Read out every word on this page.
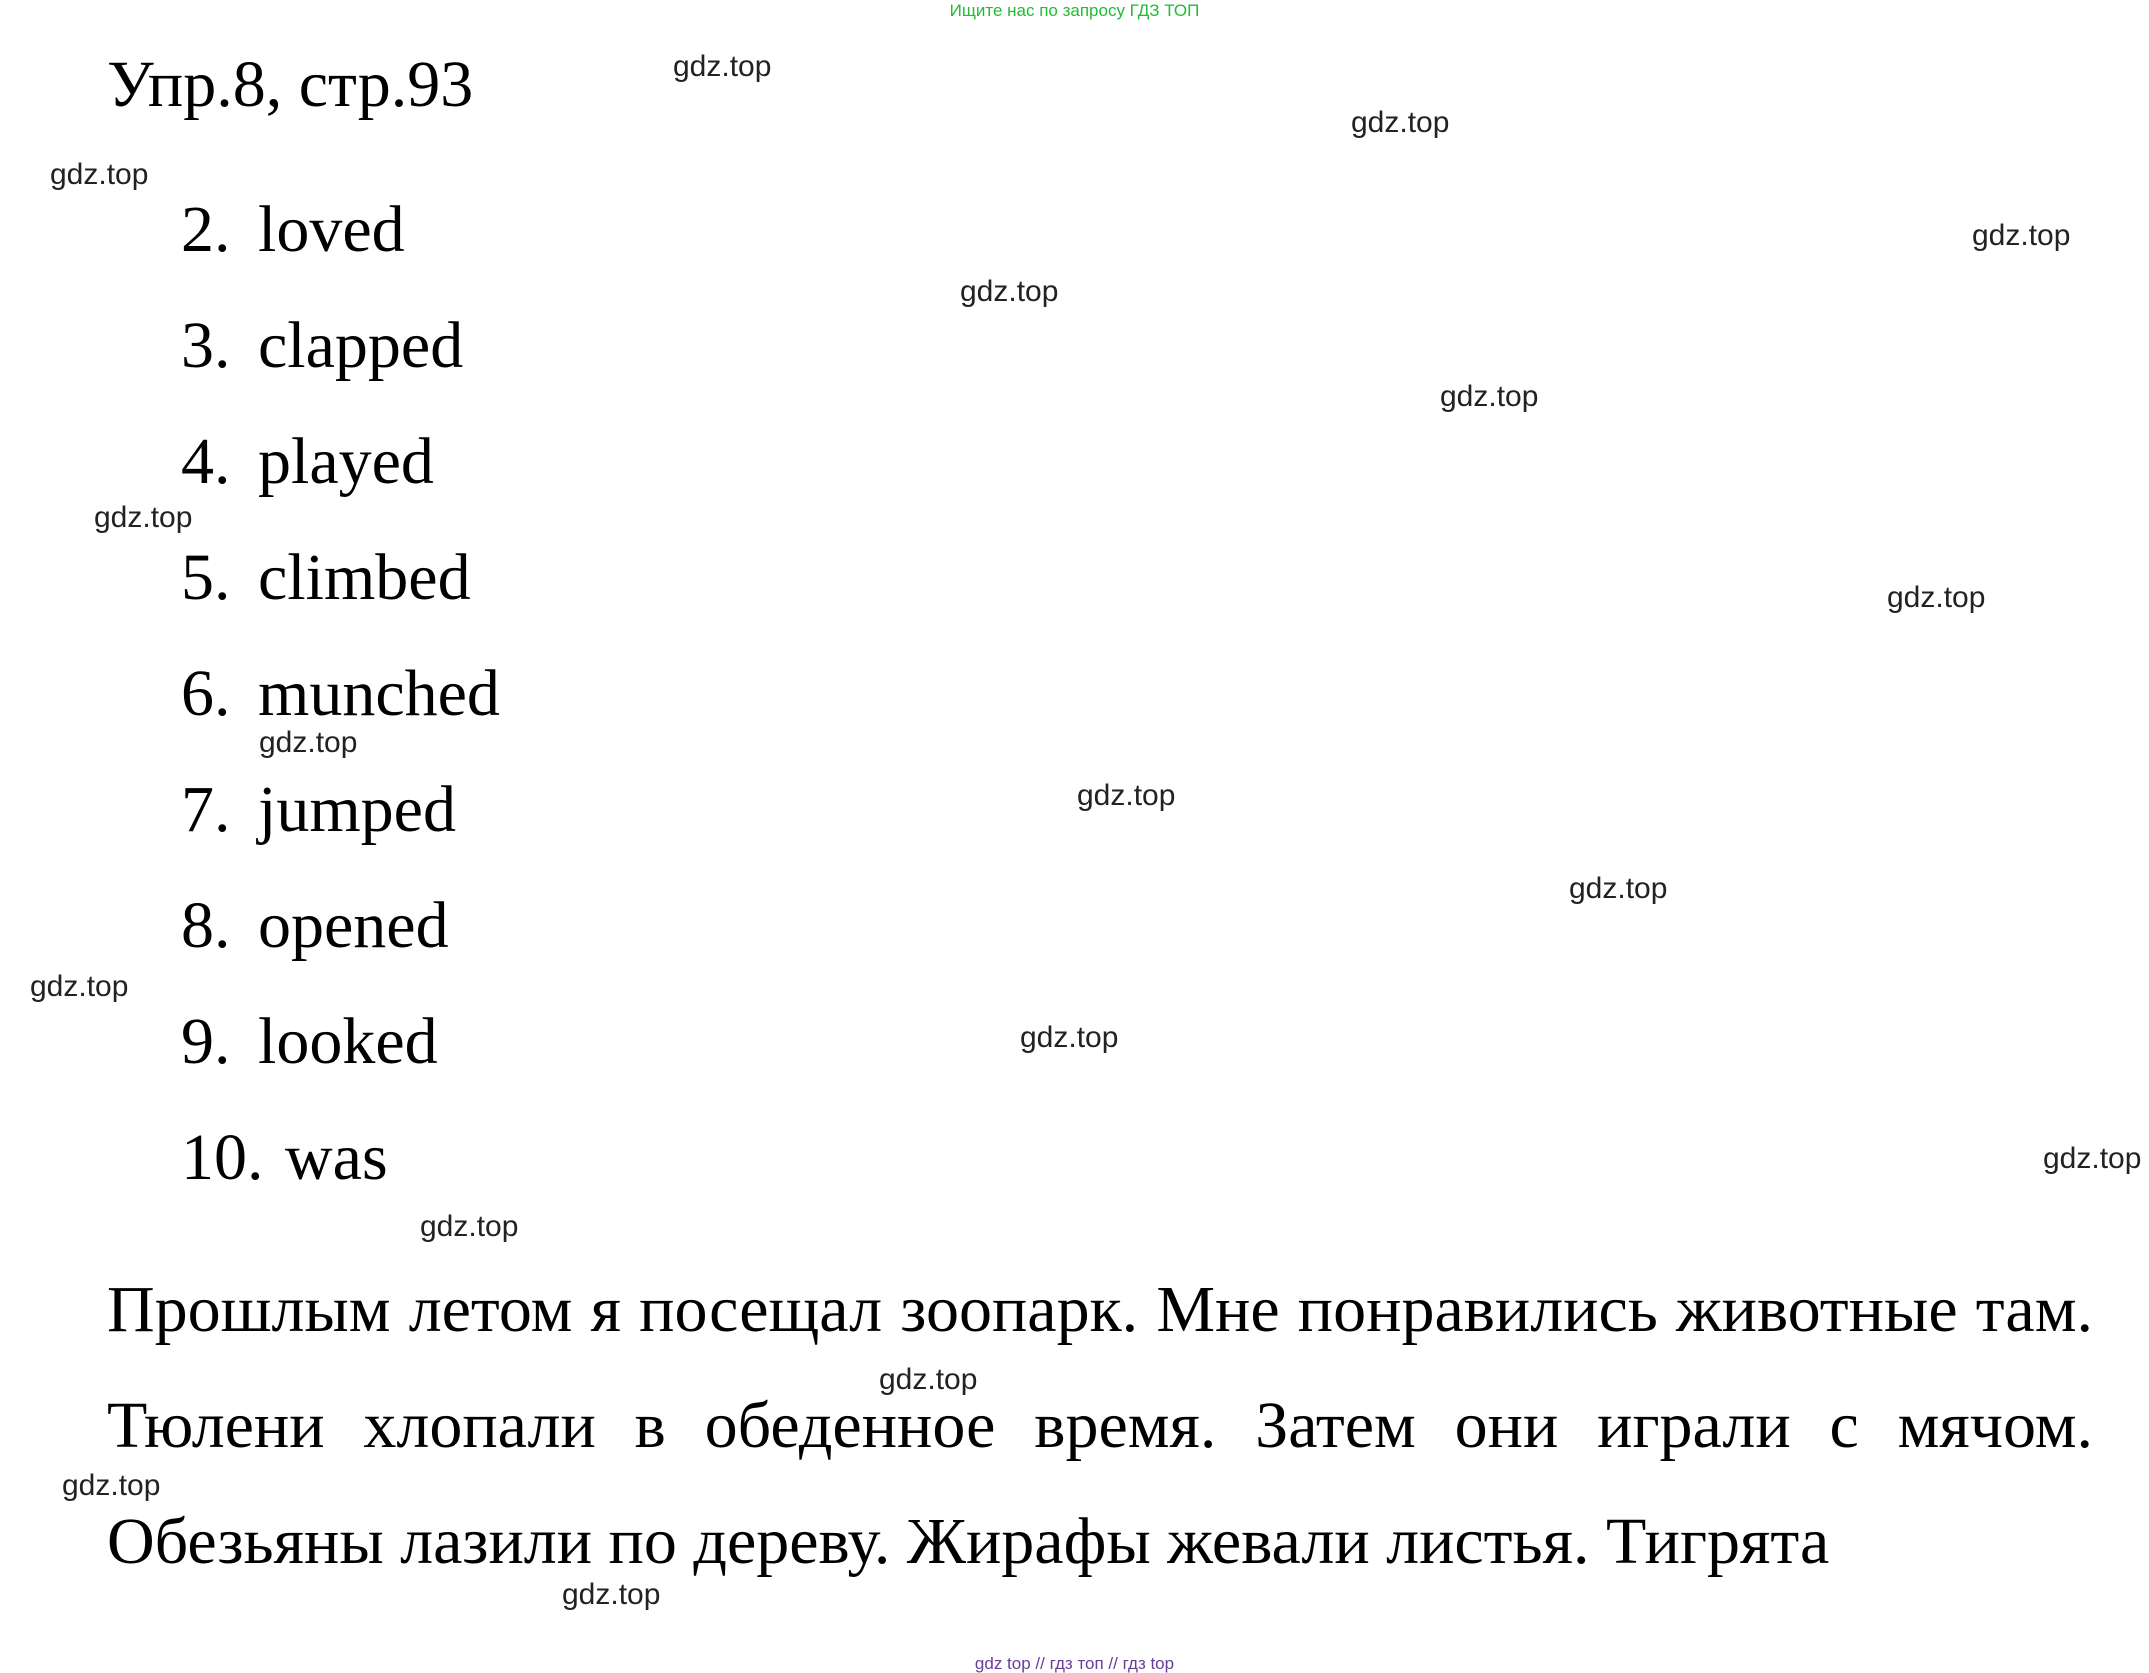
Ищите нас по запросу ГДЗ ТОП
Упр.8, стр.93
2. loved
3. clapped
4. played
5. climbed
6. munched
7. jumped
8. opened
9. looked
10. was
Прошлым летом я посещал зоопарк. Мне понравились животные там. Тюлени хлопали в обеденное время. Затем они играли с мячом. Обезьяны лазили по дереву. Жирафы жевали листья. Тигрята
gdz.top
gdz.top
gdz.top
gdz.top
gdz.top
gdz.top
gdz.top
gdz.top
gdz.top
gdz.top
gdz.top
gdz.top
gdz.top
gdz.top
gdz.top
gdz.top
gdz.top
gdz.top
gdz top // гдз топ // гдз top
